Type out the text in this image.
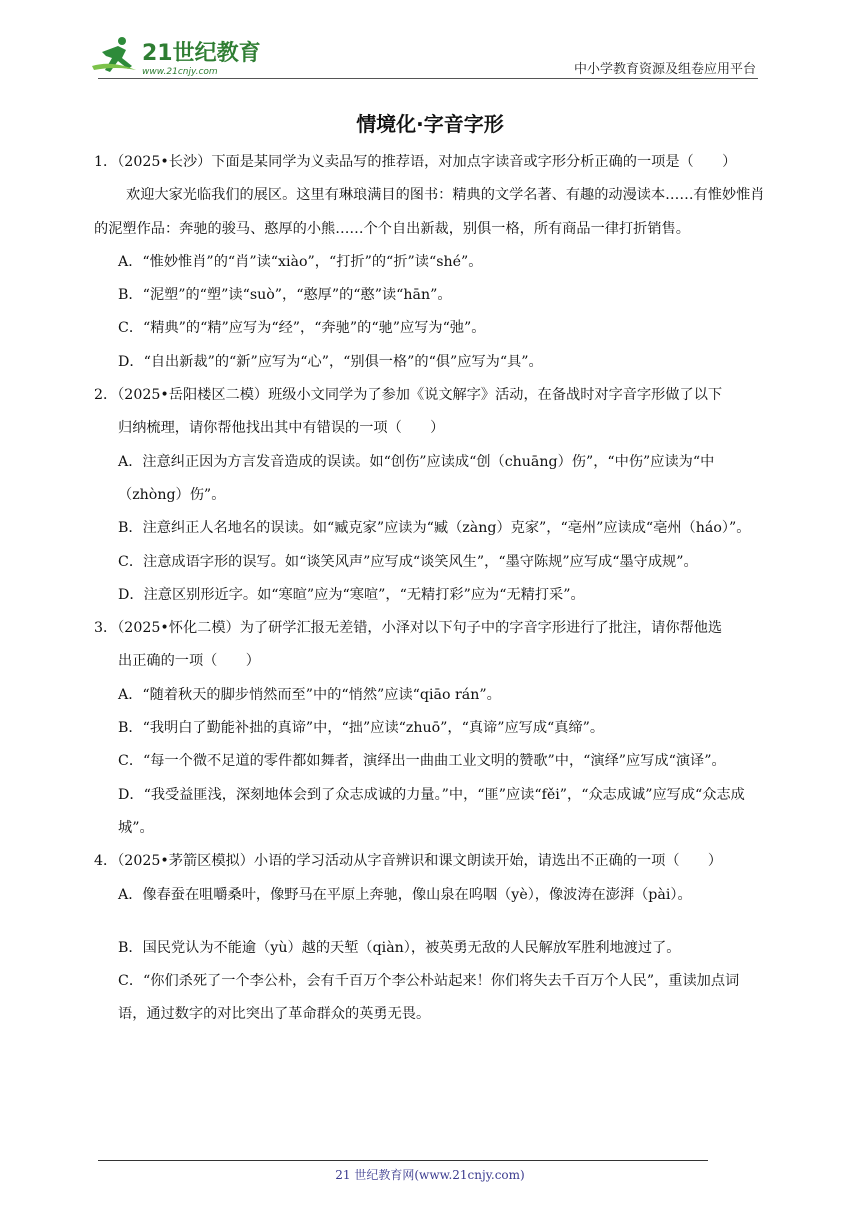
21世纪教育
www.21cnjy.com	中小学教育资源及组卷应用平台
情境化·字音字形

1．（2025•长沙）下面是某同学为义卖品写的推荐语，对加点字读音或字形分析正确的一项是（　　）

欢迎大家光临我们的展区。这里有琳琅满目的图书：精典的文学名著、有趣的动漫读本……有惟妙惟肖的泥塑作品：奔驰的骏马、憨厚的小熊……个个自出新裁，别俱一格，所有商品一律打折销售。

A．“惟妙惟肖”的“肖”读“xiào”，“打折”的“折”读“shé”。

B．“泥塑”的“塑”读“suò”，“憨厚”的“憨”读“hān”。

C．“精典”的“精”应写为“经”，“奔驰”的“驰”应写为“弛”。

D．“自出新裁”的“新”应写为“心”，“别俱一格”的“俱”应写为“具”。

2．（2025•岳阳楼区二模）班级小文同学为了参加《说文解字》活动，在备战时对字音字形做了以下

归纳梳理，请你帮他找出其中有错误的一项（　　）

A．注意纠正因为方言发音造成的误读。如“创伤”应读成“创（chuāng）伤”，“中伤”应读为“中（zhòng）伤”。

B．注意纠正人名地名的误读。如“臧克家”应读为“臧（zàng）克家”，“亳州”应读成“亳州（háo）”。

C．注意成语字形的误写。如“谈笑风声”应写成“谈笑风生”，“墨守陈规”应写成“墨守成规”。

D．注意区别形近字。如“寒暄”应为“寒喧”，“无精打彩”应为“无精打采”。

3．（2025•怀化二模）为了研学汇报无差错，小泽对以下句子中的字音字形进行了批注，请你帮他选

出正确的一项（　　）

A．“随着秋天的脚步悄然而至”中的“悄然”应读“qiāo rán”。

B．“我明白了勤能补拙的真谛”中，“拙”应读“zhuō”，“真谛”应写成“真缔”。

C．“每一个微不足道的零件都如舞者，演绎出一曲曲工业文明的赞歌”中，“演绎”应写成“演译”。

D．“我受益匪浅，深刻地体会到了众志成诚的力量。”中，“匪”应读“fěi”，“众志成诚”应写成“众志成城”。

4．（2025•茅箭区模拟）小语的学习活动从字音辨识和课文朗读开始，请选出不正确的一项（　　）

A．像春蚕在咀嚼桑叶，像野马在平原上奔驰，像山泉在呜咽（yè），像波涛在澎湃（pài）。

B．国民党认为不能逾（yù）越的天堑（qiàn），被英勇无敌的人民解放军胜利地渡过了。

C．“你们杀死了一个李公朴，会有千百万个李公朴站起来！你们将失去千百万个人民”，重读加点词语，通过数字的对比突出了革命群众的英勇无畏。

21 世纪教育网(www.21cnjy.com)
